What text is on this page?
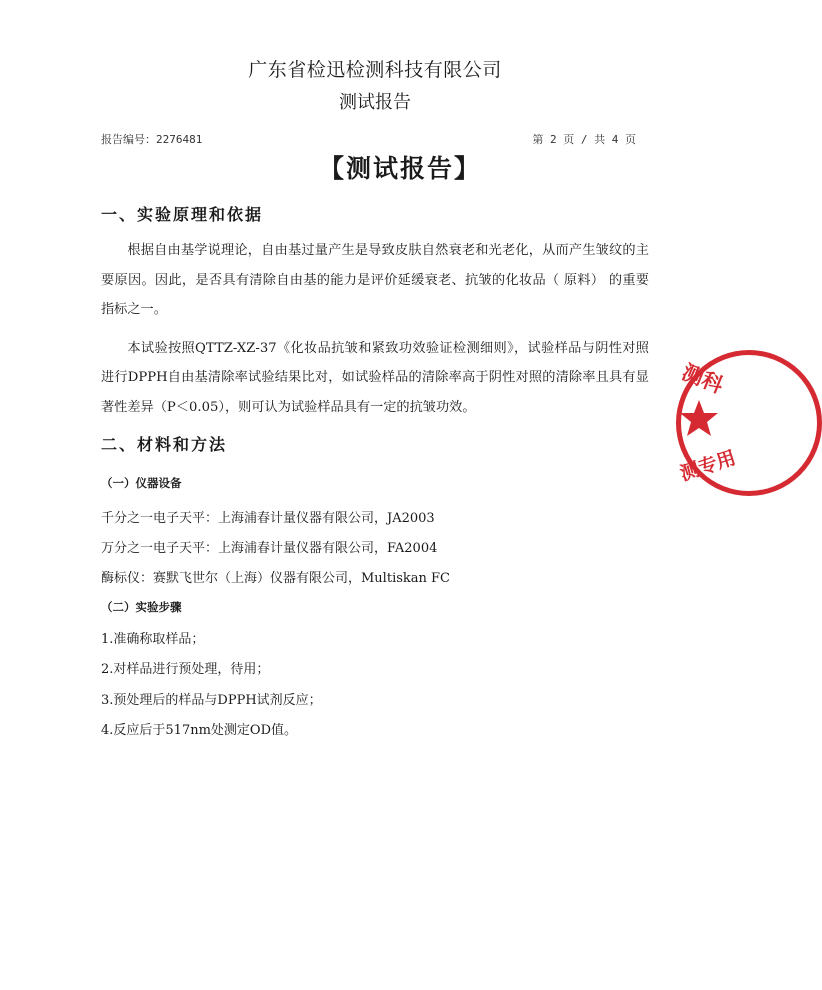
广东省检迅检测科技有限公司
测试报告
报告编号：2276481	第 2 页 / 共 4 页
【测试报告】
一、实验原理和依据

根据自由基学说理论，自由基过量产生是导致皮肤自然衰老和光老化，从而产生皱纹的主要原因。因此，是否具有清除自由基的能力是评价延缓衰老、抗皱的化妆品（ 原料） 的重要指标之一。

本试验按照QTTZ-XZ-37《化妆品抗皱和紧致功效验证检测细则》，试验样品与阴性对照进行DPPH自由基清除率试验结果比对，如试验样品的清除率高于阴性对照的清除率且具有显著性差异（P＜0.05），则可认为试验样品具有一定的抗皱功效。

二、材料和方法
（一）仪器设备
千分之一电子天平：上海浦春计量仪器有限公司，JA2003
万分之一电子天平：上海浦春计量仪器有限公司，FA2004
酶标仪：赛默飞世尔（上海）仪器有限公司，Multiskan FC
（二）实验步骤
1.准确称取样品；
2.对样品进行预处理，待用；
3.预处理后的样品与DPPH试剂反应；
4.反应后于517nm处测定OD值。
测科
测专用
